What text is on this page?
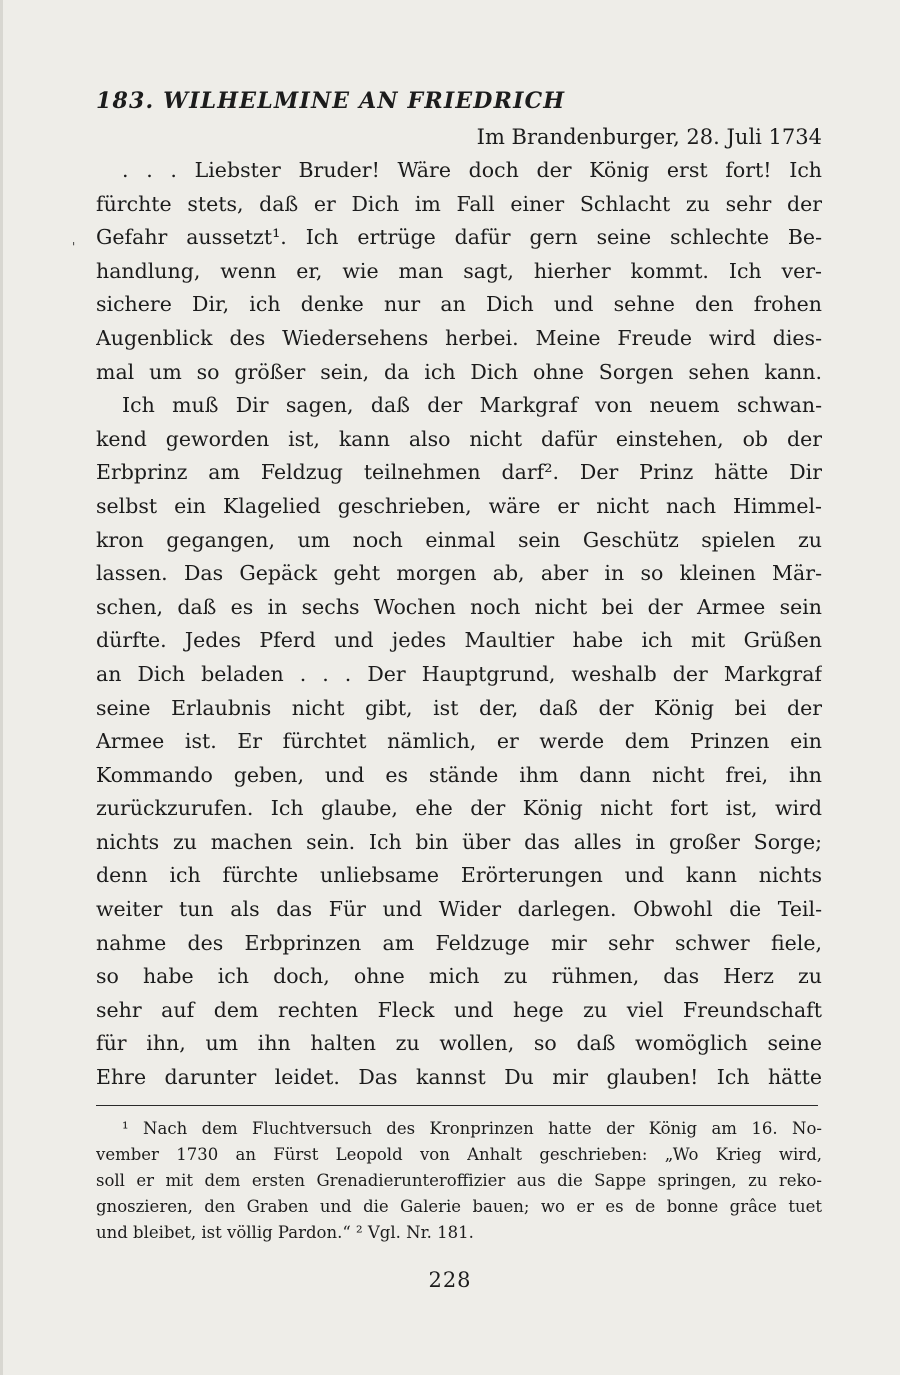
'
183. WILHELMINE AN FRIEDRICH
Im Brandenburger, 28. Juli 1734
. . . Liebster Bruder! Wäre doch der König erst fort! Ich
fürchte stets, daß er Dich im Fall einer Schlacht zu sehr der
Gefahr aussetzt¹. Ich ertrüge dafür gern seine schlechte Be-
handlung, wenn er, wie man sagt, hierher kommt. Ich ver-
sichere Dir, ich denke nur an Dich und sehne den frohen
Augenblick des Wiedersehens herbei. Meine Freude wird dies-
mal um so größer sein, da ich Dich ohne Sorgen sehen kann.
Ich muß Dir sagen, daß der Markgraf von neuem schwan-
kend geworden ist, kann also nicht dafür einstehen, ob der
Erbprinz am Feldzug teilnehmen darf². Der Prinz hätte Dir
selbst ein Klagelied geschrieben, wäre er nicht nach Himmel-
kron gegangen, um noch einmal sein Geschütz spielen zu
lassen. Das Gepäck geht morgen ab, aber in so kleinen Mär-
schen, daß es in sechs Wochen noch nicht bei der Armee sein
dürfte. Jedes Pferd und jedes Maultier habe ich mit Grüßen
an Dich beladen . . . Der Hauptgrund, weshalb der Markgraf
seine Erlaubnis nicht gibt, ist der, daß der König bei der
Armee ist. Er fürchtet nämlich, er werde dem Prinzen ein
Kommando geben, und es stände ihm dann nicht frei, ihn
zurückzurufen. Ich glaube, ehe der König nicht fort ist, wird
nichts zu machen sein. Ich bin über das alles in großer Sorge;
denn ich fürchte unliebsame Erörterungen und kann nichts
weiter tun als das Für und Wider darlegen. Obwohl die Teil-
nahme des Erbprinzen am Feldzuge mir sehr schwer fiele,
so habe ich doch, ohne mich zu rühmen, das Herz zu
sehr auf dem rechten Fleck und hege zu viel Freundschaft
für ihn, um ihn halten zu wollen, so daß womöglich seine
Ehre darunter leidet. Das kannst Du mir glauben! Ich hätte
¹ Nach dem Fluchtversuch des Kronprinzen hatte der König am 16. No-
vember 1730 an Fürst Leopold von Anhalt geschrieben: „Wo Krieg wird,
soll er mit dem ersten Grenadierunteroffizier aus die Sappe springen, zu reko-
gnoszieren, den Graben und die Galerie bauen; wo er es de bonne grâce tuet
und bleibet, ist völlig Pardon.“ ² Vgl. Nr. 181.
228
